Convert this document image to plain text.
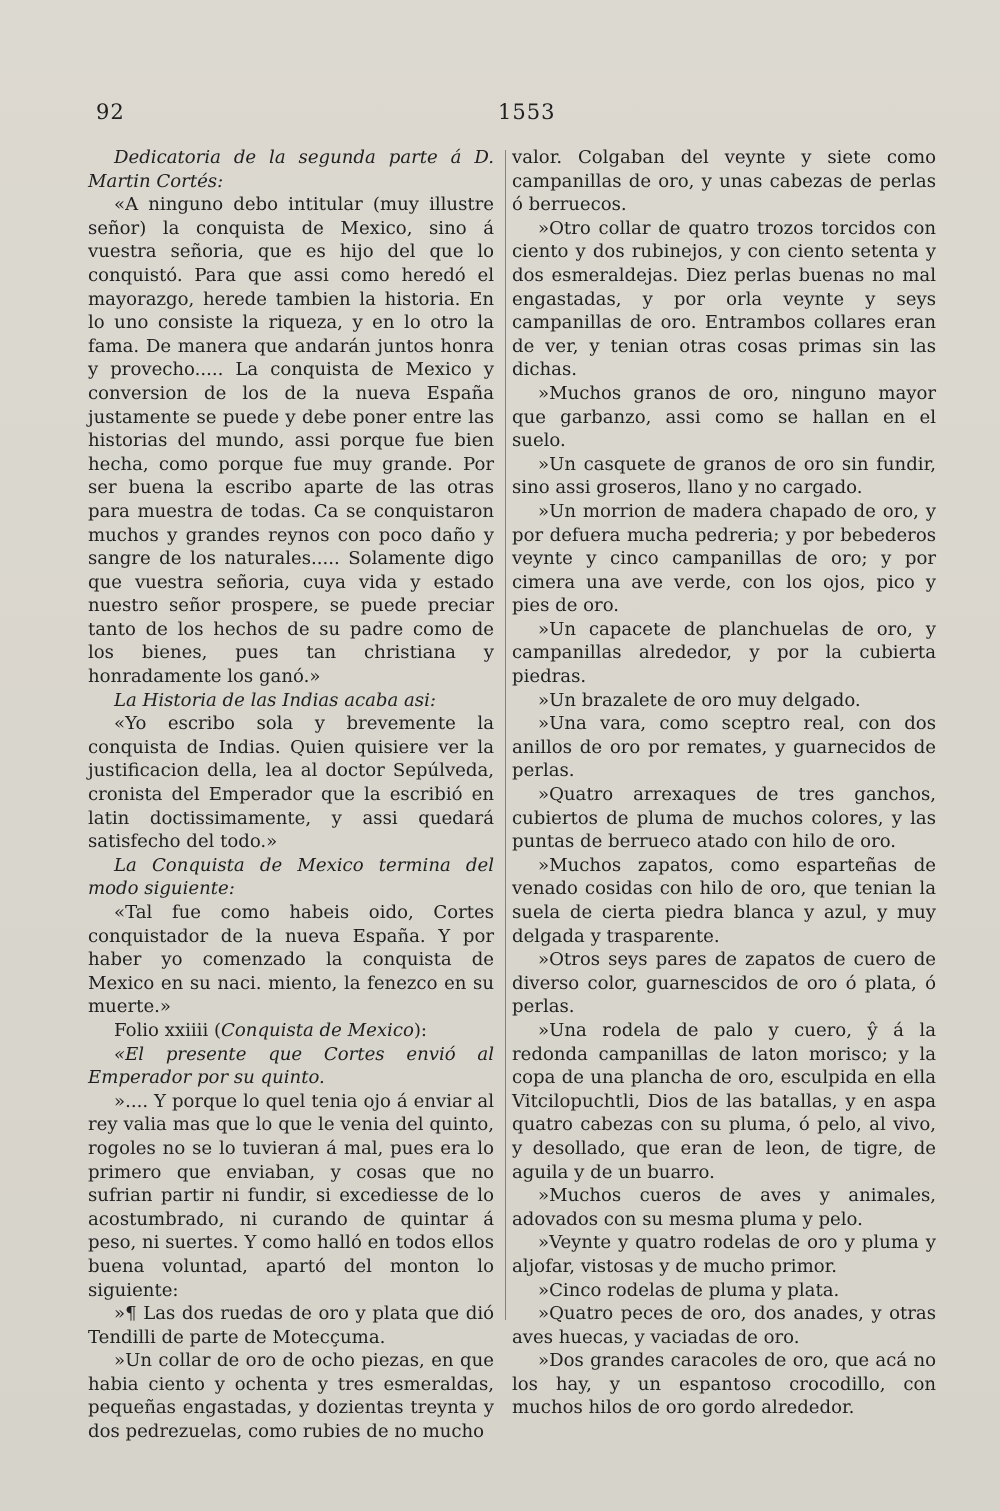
92	1553

Dedicatoria de la segunda parte á D. Martin Cortés:

«A ninguno debo intitular (muy illustre señor) la conquista de Mexico, sino á vuestra señoria, que es hijo del que lo conquistó. Para que assi como heredó el mayorazgo, herede tambien la historia. En lo uno consiste la riqueza, y en lo otro la fama. De manera que andarán juntos honra y provecho..... La conquista de Mexico y conversion de los de la nueva España justamente se puede y debe poner entre las historias del mundo, assi porque fue bien hecha, como porque fue muy grande. Por ser buena la escribo aparte de las otras para muestra de todas. Ca se conquistaron muchos y grandes reynos con poco daño y sangre de los naturales..... Solamente digo que vuestra señoria, cuya vida y estado nuestro señor prospere, se puede preciar tanto de los hechos de su padre como de los bienes, pues tan christiana y honradamente los ganó.»

La Historia de las Indias acaba asi:

«Yo escribo sola y brevemente la conquista de Indias. Quien quisiere ver la justificacion della, lea al doctor Sepúlveda, cronista del Emperador que la escribió en latin doctissimamente, y assi quedará satisfecho del todo.»

La Conquista de Mexico termina del modo siguiente:

«Tal fue como habeis oido, Cortes conquistador de la nueva España. Y por haber yo comenzado la conquista de Mexico en su naci. miento, la fenezco en su muerte.»

Folio xxiiii (Conquista de Mexico):

«El presente que Cortes envió al Emperador por su quinto.

».... Y porque lo quel tenia ojo á enviar al rey valia mas que lo que le venia del quinto, rogoles no se lo tuvieran á mal, pues era lo primero que enviaban, y cosas que no sufrian partir ni fundir, si excediesse de lo acostumbrado, ni curando de quintar á peso, ni suertes. Y como halló en todos ellos buena voluntad, apartó del monton lo siguiente:

»¶ Las dos ruedas de oro y plata que dió Tendilli de parte de Motecçuma.

»Un collar de oro de ocho piezas, en que habia ciento y ochenta y tres esmeraldas, pequeñas engastadas, y dozientas treynta y dos pedrezuelas, como rubies de no mucho

valor. Colgaban del veynte y siete como campanillas de oro, y unas cabezas de perlas ó berruecos.

»Otro collar de quatro trozos torcidos con ciento y dos rubinejos, y con ciento setenta y dos esmeraldejas. Diez perlas buenas no mal engastadas, y por orla veynte y seys campanillas de oro. Entrambos collares eran de ver, y tenian otras cosas primas sin las dichas.

»Muchos granos de oro, ninguno mayor que garbanzo, assi como se hallan en el suelo.

»Un casquete de granos de oro sin fundir, sino assi groseros, llano y no cargado.

»Un morrion de madera chapado de oro, y por defuera mucha pedreria; y por bebederos veynte y cinco campanillas de oro; y por cimera una ave verde, con los ojos, pico y pies de oro.

»Un capacete de planchuelas de oro, y campanillas alrededor, y por la cubierta piedras.

»Un brazalete de oro muy delgado.

»Una vara, como sceptro real, con dos anillos de oro por remates, y guarnecidos de perlas.

»Quatro arrexaques de tres ganchos, cubiertos de pluma de muchos colores, y las puntas de berrueco atado con hilo de oro.

»Muchos zapatos, como esparteñas de venado cosidas con hilo de oro, que tenian la suela de cierta piedra blanca y azul, y muy delgada y trasparente.

»Otros seys pares de zapatos de cuero de diverso color, guarnescidos de oro ó plata, ó perlas.

»Una rodela de palo y cuero, ŷ á la redonda campanillas de laton morisco; y la copa de una plancha de oro, esculpida en ella Vitcilopuchtli, Dios de las batallas, y en aspa quatro cabezas con su pluma, ó pelo, al vivo, y desollado, que eran de leon, de tigre, de aguila y de un buarro.

»Muchos cueros de aves y animales, adovados con su mesma pluma y pelo.

»Veynte y quatro rodelas de oro y pluma y aljofar, vistosas y de mucho primor.

»Cinco rodelas de pluma y plata.

»Quatro peces de oro, dos anades, y otras aves huecas, y vaciadas de oro.

»Dos grandes caracoles de oro, que acá no los hay, y un espantoso crocodillo, con muchos hilos de oro gordo alrededor.
